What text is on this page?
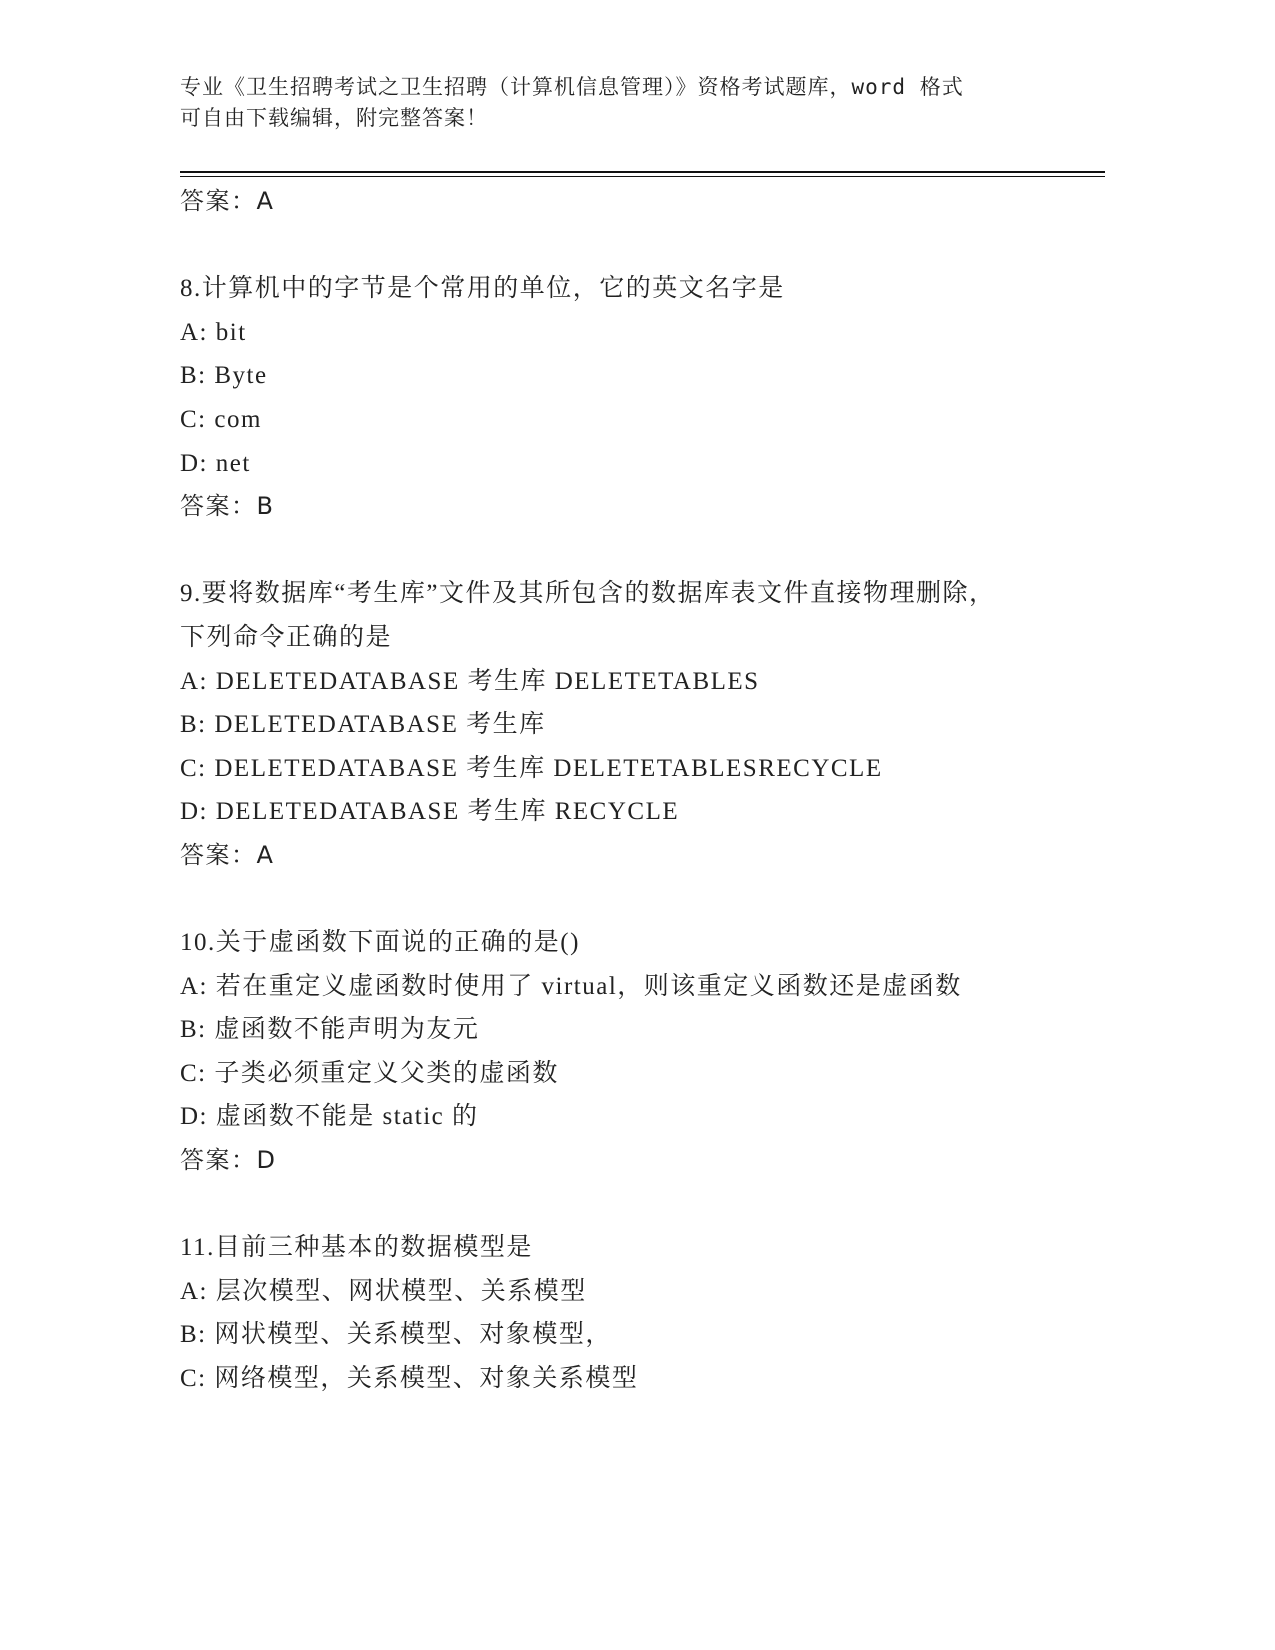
专业《卫生招聘考试之卫生招聘（计算机信息管理）》资格考试题库，word 格式
可自由下载编辑，附完整答案！
答案：A
8.计算机中的字节是个常用的单位，它的英文名字是
A: bit
B: Byte
C: com
D: net
答案：B
9.要将数据库“考生库”文件及其所包含的数据库表文件直接物理删除，下列命令正确的是
A: DELETEDATABASE 考生库 DELETETABLES
B: DELETEDATABASE 考生库
C: DELETEDATABASE 考生库 DELETETABLESRECYCLE
D: DELETEDATABASE 考生库 RECYCLE
答案：A
10.关于虚函数下面说的正确的是()
A: 若在重定义虚函数时使用了 virtual，则该重定义函数还是虚函数
B: 虚函数不能声明为友元
C: 子类必须重定义父类的虚函数
D: 虚函数不能是 static 的
答案：D
11.目前三种基本的数据模型是
A: 层次模型、网状模型、关系模型
B: 网状模型、关系模型、对象模型，
C: 网络模型，关系模型、对象关系模型
